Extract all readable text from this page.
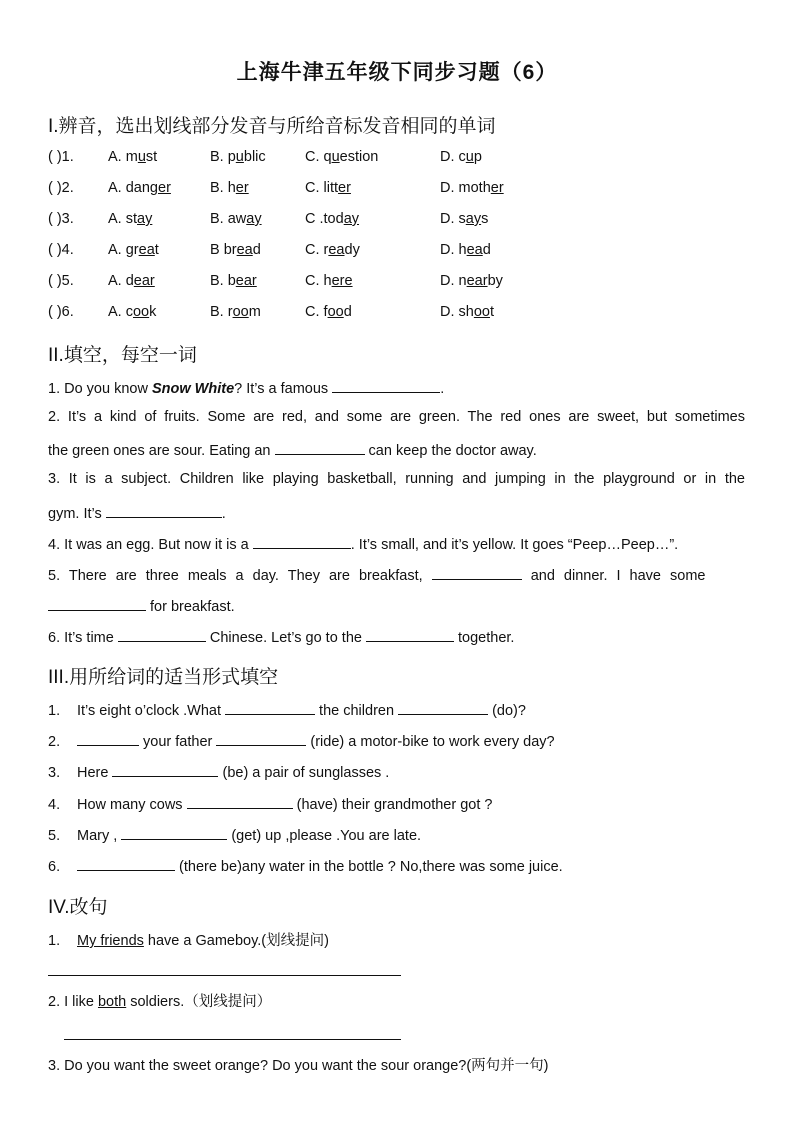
上海牛津五年级下同步习题（6）
I.辨音，选出划线部分发音与所给音标发音相同的单词
( )1. A. must	B. public	C. question	D. cup
( )2. A. danger	B. her	C. litter	D. mother
( )3. A. stay	B. away	C .today	D. says
( )4. A. great	B bread	C. ready	D. head
( )5. A. dear	B. bear	C. here	D. nearby
( )6. A. cook	B. room	C. food	D. shoot
II.填空，每空一词
1. Do you know Snow White? It’s a famous	.
2. It’s a kind of fruits. Some are red, and some are green. The red ones are sweet, but sometimes
the green ones are sour. Eating an	can keep the doctor away.
3. It is a subject. Children like playing basketball, running and jumping in the playground or in the
gym. It’s	.
4. It was an egg. But now it is a	. It’s small, and it’s yellow. It goes “Peep…Peep…”.
5. There are three meals a day. They are breakfast,	and dinner. I have some
for breakfast.
6. It’s time	Chinese. Let’s go to the	together.
III.用所给词的适当形式填空
1. It’s eight o’clock .What	the children	(do)?
2.	your father	(ride) a motor-bike to work every day?
3. Here	(be) a pair of sunglasses .
4. How many cows	(have) their grandmother got ?
5. Mary ,	(get) up ,please .You are late.
6.	(there be)any water in the bottle ? No,there was some juice.
IV.改句
1. My friends have a Gameboy.(划线提问)
2. I like both soldiers.（划线提问）
3. Do you want the sweet orange? Do you want the sour orange?(两句并一句)
